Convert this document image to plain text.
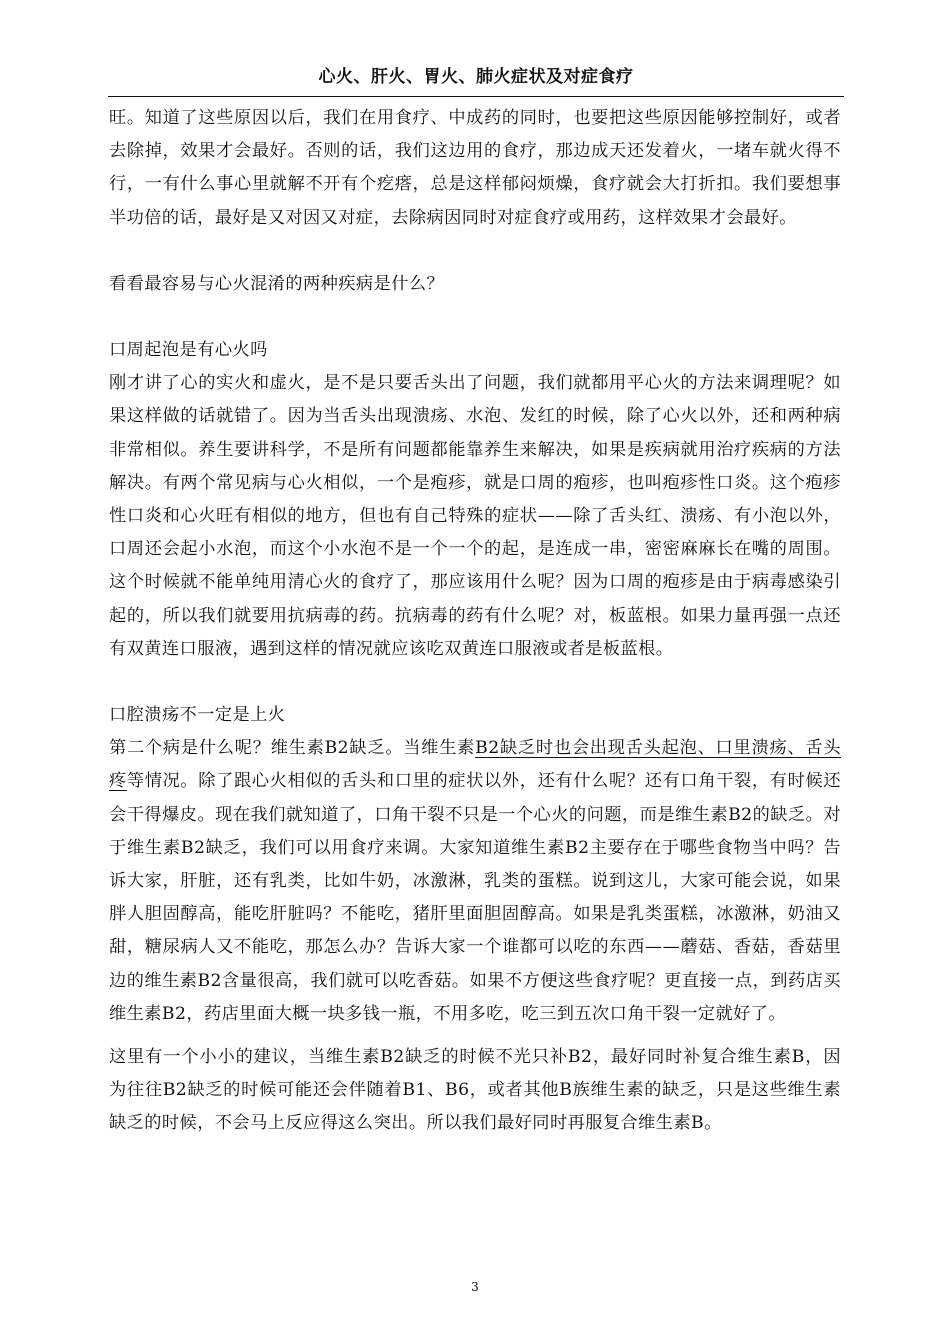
心火、肝火、胃火、肺火症状及对症食疗

旺。知道了这些原因以后，我们在用食疗、中成药的同时，也要把这些原因能够控制好，或者去除掉，效果才会最好。否则的话，我们这边用的食疗，那边成天还发着火，一堵车就火得不行，一有什么事心里就解不开有个疙瘩，总是这样郁闷烦燥，食疗就会大打折扣。我们要想事半功倍的话，最好是又对因又对症，去除病因同时对症食疗或用药，这样效果才会最好。

看看最容易与心火混淆的两种疾病是什么？

口周起泡是有心火吗

刚才讲了心的实火和虚火，是不是只要舌头出了问题，我们就都用平心火的方法来调理呢？如果这样做的话就错了。因为当舌头出现溃疡、水泡、发红的时候，除了心火以外，还和两种病非常相似。养生要讲科学，不是所有问题都能靠养生来解决，如果是疾病就用治疗疾病的方法解决。有两个常见病与心火相似，一个是疱疹，就是口周的疱疹，也叫疱疹性口炎。这个疱疹性口炎和心火旺有相似的地方，但也有自己特殊的症状——除了舌头红、溃疡、有小泡以外，口周还会起小水泡，而这个小水泡不是一个一个的起，是连成一串，密密麻麻长在嘴的周围。这个时候就不能单纯用清心火的食疗了，那应该用什么呢？因为口周的疱疹是由于病毒感染引起的，所以我们就要用抗病毒的药。抗病毒的药有什么呢？对，板蓝根。如果力量再强一点还有双黄连口服液，遇到这样的情况就应该吃双黄连口服液或者是板蓝根。

口腔溃疡不一定是上火

第二个病是什么呢？维生素B2缺乏。当维生素B2缺乏时也会出现舌头起泡、口里溃疡、舌头疼等情况。除了跟心火相似的舌头和口里的症状以外，还有什么呢？还有口角干裂，有时候还会干得爆皮。现在我们就知道了，口角干裂不只是一个心火的问题，而是维生素B2的缺乏。对于维生素B2缺乏，我们可以用食疗来调。大家知道维生素B2主要存在于哪些食物当中吗？告诉大家，肝脏，还有乳类，比如牛奶，冰激淋，乳类的蛋糕。说到这儿，大家可能会说，如果胖人胆固醇高，能吃肝脏吗？不能吃，猪肝里面胆固醇高。如果是乳类蛋糕，冰激淋，奶油又甜，糖尿病人又不能吃，那怎么办？告诉大家一个谁都可以吃的东西——蘑菇、香菇，香菇里边的维生素B2含量很高，我们就可以吃香菇。如果不方便这些食疗呢？更直接一点，到药店买维生素B2，药店里面大概一块多钱一瓶，不用多吃，吃三到五次口角干裂一定就好了。

这里有一个小小的建议，当维生素B2缺乏的时候不光只补B2，最好同时补复合维生素B，因为往往B2缺乏的时候可能还会伴随着B1、B6，或者其他B族维生素的缺乏，只是这些维生素缺乏的时候，不会马上反应得这么突出。所以我们最好同时再服复合维生素B。

3
